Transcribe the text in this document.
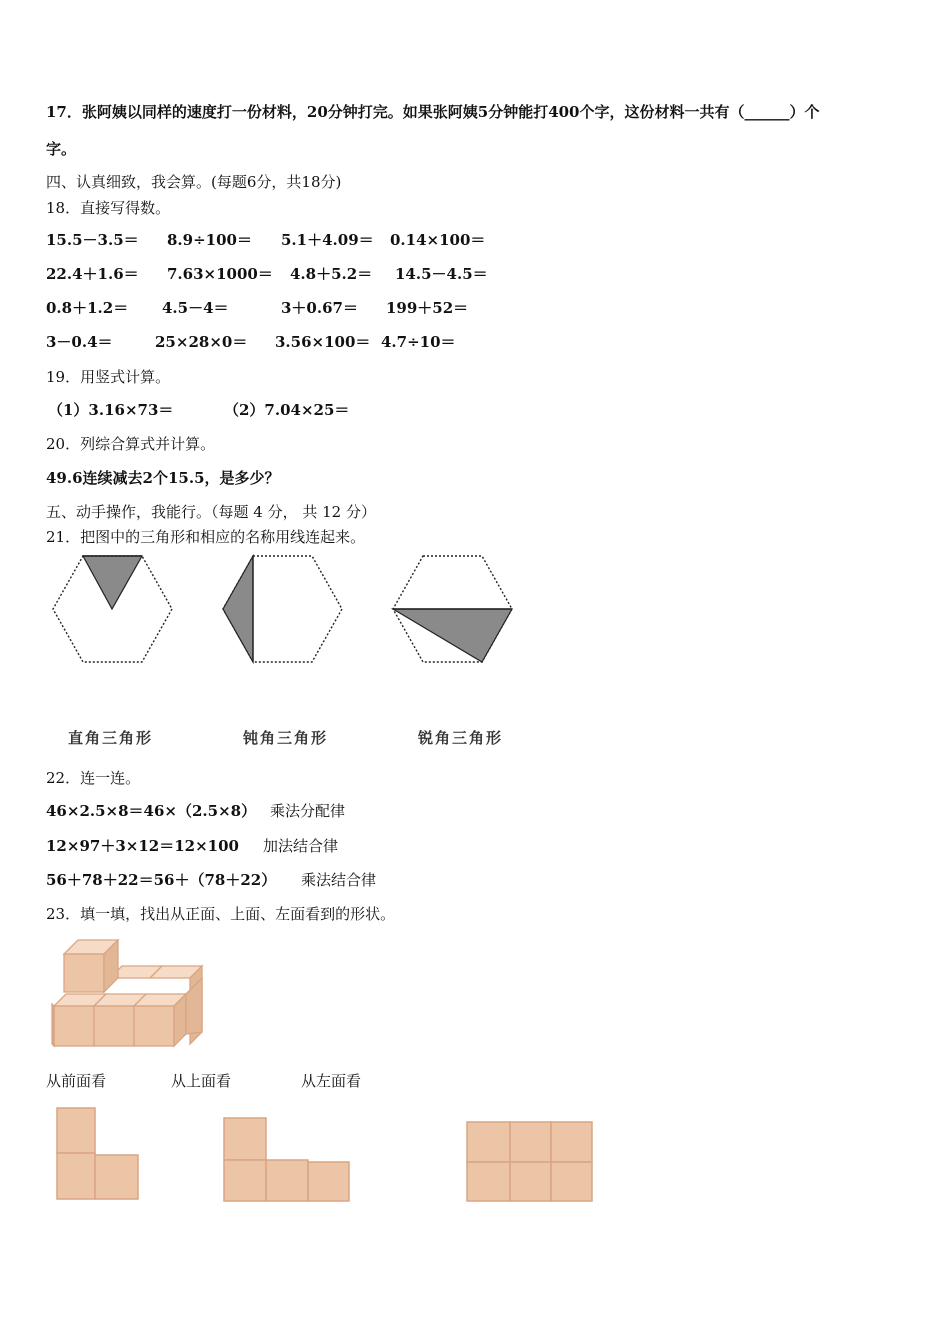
17．张阿姨以同样的速度打一份材料，20分钟打完。如果张阿姨5分钟能打400个字，这份材料一共有（______）个
字。
四、认真细致，我会算。(每题6分，共18分)
18．直接写得数。
15.5－3.5＝ 8.9÷100＝ 5.1＋4.09＝ 0.14×100＝
22.4＋1.6＝ 7.63×1000＝ 4.8＋5.2＝ 14.5－4.5＝
0.8＋1.2＝ 4.5－4＝	3＋0.67＝ 199＋52＝
3－0.4＝	25×28×0＝ 3.56×100＝ 4.7÷10＝
19．用竖式计算。
（1）3.16×73＝	（2）7.04×25＝
20．列综合算式并计算。
49.6连续减去2个15.5，是多少？
五、动手操作，我能行。（每题 4 分， 共 12 分）
21．把图中的三角形和相应的名称用线连起来。
直角三角形	钝角三角形	锐角三角形
22．连一连。
46×2.5×8＝46×（2.5×8） 乘法分配律
12×97＋3×12＝12×100 加法结合律
56＋78＋22＝56＋（78＋22） 乘法结合律
23．填一填，找出从正面、上面、左面看到的形状。
从前面看	从上面看	从左面看
